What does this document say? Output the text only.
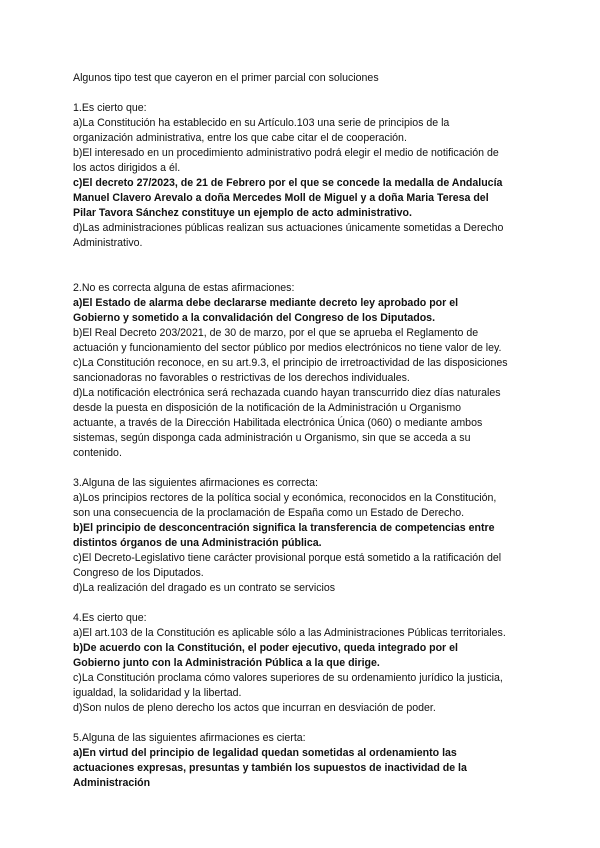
Algunos tipo test que cayeron en el primer parcial con soluciones

1.Es cierto que:
a)La Constitución ha establecido en su Artículo.103 una serie de principios de la
organización administrativa, entre los que cabe citar el de cooperación.
b)El interesado en un procedimiento administrativo podrá elegir el medio de notificación de
los actos dirigidos a él.
c)El decreto 27/2023, de 21 de Febrero por el que se concede la medalla de Andalucía
Manuel Clavero Arevalo a doña Mercedes Moll de Miguel y a doña Maria Teresa del
Pilar Tavora Sánchez constituye un ejemplo de acto administrativo.
d)Las administraciones públicas realizan sus actuaciones únicamente sometidas a Derecho
Administrativo.
2.No es correcta alguna de estas afirmaciones:
a)El Estado de alarma debe declararse mediante decreto ley aprobado por el
Gobierno y sometido a la convalidación del Congreso de los Diputados.
b)El Real Decreto 203/2021, de 30 de marzo, por el que se aprueba el Reglamento de
actuación y funcionamiento del sector público por medios electrónicos no tiene valor de ley.
c)La Constitución reconoce, en su art.9.3, el principio de irretroactividad de las disposiciones
sancionadoras no favorables o restrictivas de los derechos individuales.
d)La notificación electrónica será rechazada cuando hayan transcurrido diez días naturales
desde la puesta en disposición de la notificación de la Administración u Organismo
actuante, a través de la Dirección Habilitada electrónica Única (060) o mediante ambos
sistemas, según disponga cada administración u Organismo, sin que se acceda a su
contenido.
3.Alguna de las siguientes afirmaciones es correcta:
a)Los principios rectores de la política social y económica, reconocidos en la Constitución,
son una consecuencia de la proclamación de España como un Estado de Derecho.
b)El principio de desconcentración significa la transferencia de competencias entre
distintos órganos de una Administración pública.
c)El Decreto-Legislativo tiene carácter provisional porque está sometido a la ratificación del
Congreso de los Diputados.
d)La realización del dragado es un contrato se servicios
4.Es cierto que:
a)El art.103 de la Constitución es aplicable sólo a las Administraciones Públicas territoriales.
b)De acuerdo con la Constitución, el poder ejecutivo, queda integrado por el
Gobierno junto con la Administración Pública a la que dirige.
c)La Constitución proclama cómo valores superiores de su ordenamiento jurídico la justicia,
igualdad, la solidaridad y la libertad.
d)Son nulos de pleno derecho los actos que incurran en desviación de poder.
5.Alguna de las siguientes afirmaciones es cierta:
a)En virtud del principio de legalidad quedan sometidas al ordenamiento las
actuaciones expresas, presuntas y también los supuestos de inactividad de la
Administración
